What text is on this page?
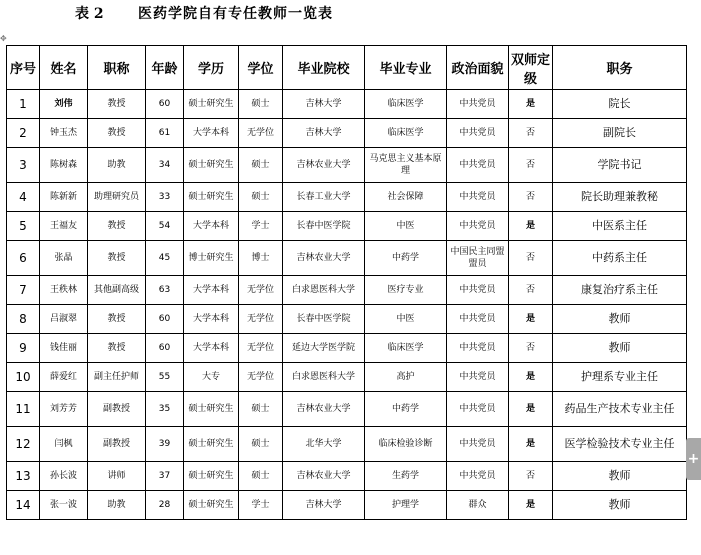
表 2 医药学院自有专任教师一览表
✥
序号	姓名	职称	年龄	学历	学位	毕业院校	毕业专业	政治面貌	双师定级	职务
1	刘伟	教授	60	硕士研究生	硕士	吉林大学	临床医学	中共党员	是	院长
2	钟玉杰	教授	61	大学本科	无学位	吉林大学	临床医学	中共党员	否	副院长
3	陈树森	助教	34	硕士研究生	硕士	吉林农业大学	马克思主义基本原理	中共党员	否	学院书记
4	陈新新	助理研究员	33	硕士研究生	硕士	长春工业大学	社会保障	中共党员	否	院长助理兼教秘
5	王福友	教授	54	大学本科	学士	长春中医学院	中医	中共党员	是	中医系主任
6	张晶	教授	45	博士研究生	博士	吉林农业大学	中药学	中国民主同盟盟员	否	中药系主任
7	王秩林	其他副高级	63	大学本科	无学位	白求恩医科大学	医疗专业	中共党员	否	康复治疗系主任
8	吕淑翠	教授	60	大学本科	无学位	长春中医学院	中医	中共党员	是	教师
9	钱佳丽	教授	60	大学本科	无学位	延边大学医学院	临床医学	中共党员	否	教师
10	薛爱红	副主任护师	55	大专	无学位	白求恩医科大学	高护	中共党员	是	护理系专业主任
11	刘芳芳	副教授	35	硕士研究生	硕士	吉林农业大学	中药学	中共党员	是	药品生产技术专业主任
12	闫枫	副教授	39	硕士研究生	硕士	北华大学	临床检验诊断	中共党员	是	医学检验技术专业主任
13	孙长波	讲师	37	硕士研究生	硕士	吉林农业大学	生药学	中共党员	否	教师
14	张一波	助教	28	硕士研究生	学士	吉林大学	护理学	群众	是	教师
+
